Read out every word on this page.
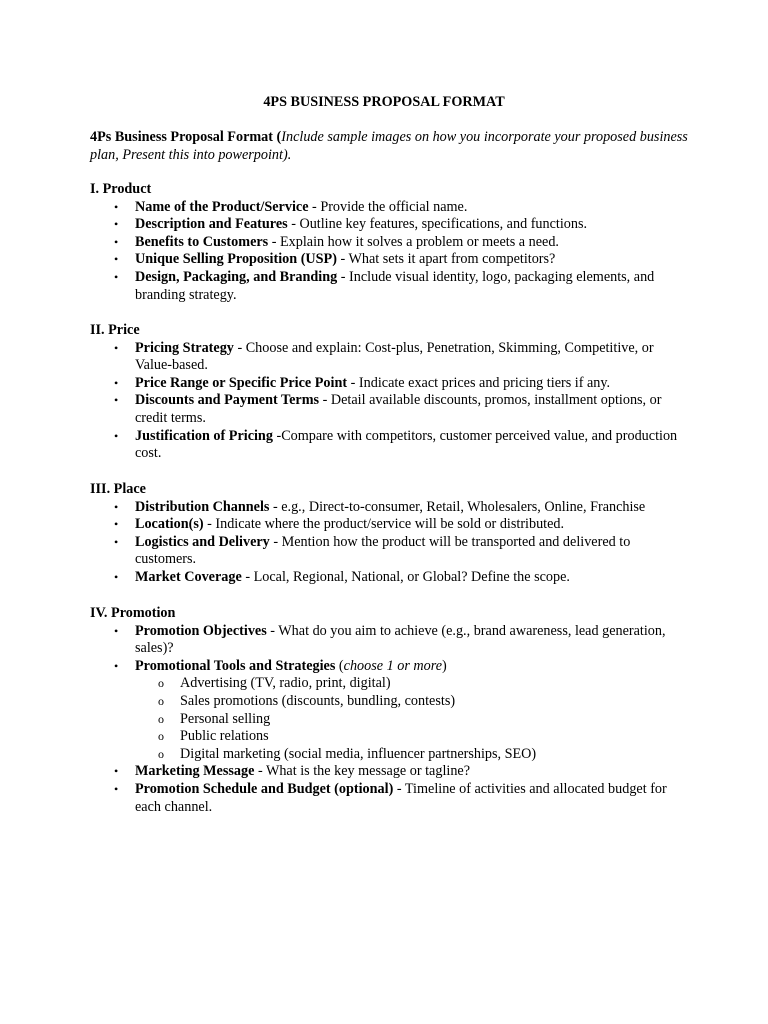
4PS BUSINESS PROPOSAL FORMAT
4Ps Business Proposal Format (Include sample images on how you incorporate your proposed business plan, Present this into powerpoint).

I. Product

• Name of the Product/Service - Provide the official name.
• Description and Features - Outline key features, specifications, and functions.
• Benefits to Customers - Explain how it solves a problem or meets a need.
• Unique Selling Proposition (USP) - What sets it apart from competitors?
• Design, Packaging, and Branding - Include visual identity, logo, packaging elements, and branding strategy.

II. Price

• Pricing Strategy - Choose and explain: Cost-plus, Penetration, Skimming, Competitive, or Value-based.
• Price Range or Specific Price Point - Indicate exact prices and pricing tiers if any.
• Discounts and Payment Terms - Detail available discounts, promos, installment options, or credit terms.
• Justification of Pricing -Compare with competitors, customer perceived value, and production cost.

III. Place

• Distribution Channels - e.g., Direct-to-consumer, Retail, Wholesalers, Online, Franchise
• Location(s) - Indicate where the product/service will be sold or distributed.
• Logistics and Delivery - Mention how the product will be transported and delivered to customers.
• Market Coverage - Local, Regional, National, or Global? Define the scope.

IV. Promotion

• Promotion Objectives - What do you aim to achieve (e.g., brand awareness, lead generation, sales)?
• Promotional Tools and Strategies (choose 1 or more)
o Advertising (TV, radio, print, digital)
o Sales promotions (discounts, bundling, contests)
o Personal selling
o Public relations
o Digital marketing (social media, influencer partnerships, SEO)
• Marketing Message - What is the key message or tagline?
• Promotion Schedule and Budget (optional) - Timeline of activities and allocated budget for each channel.
